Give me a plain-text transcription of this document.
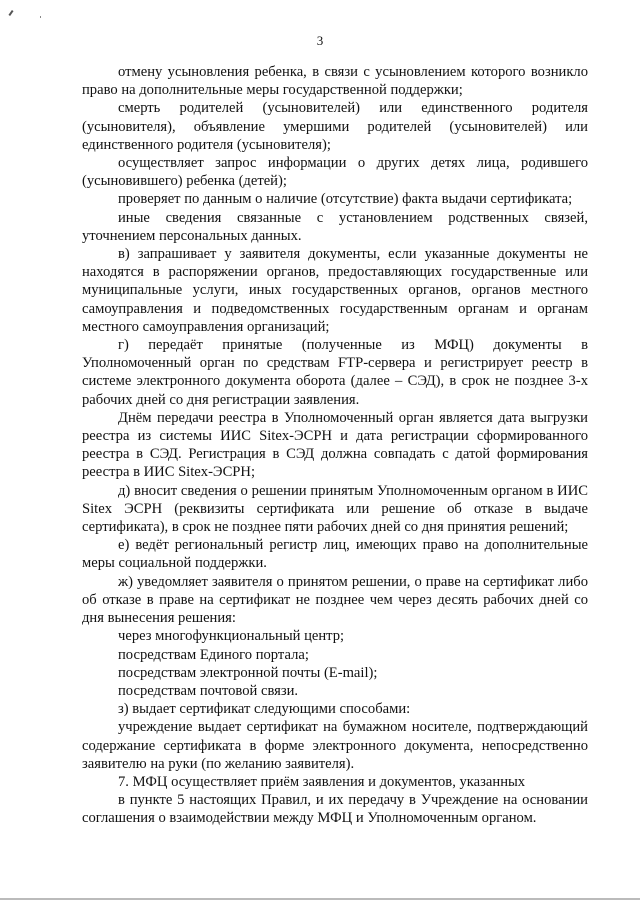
3

отмену усыновления ребенка, в связи с усыновлением которого возникло право на дополнительные меры государственной поддержки;

смерть родителей (усыновителей) или единственного родителя (усыновителя), объявление умершими родителей (усыновителей) или единственного родителя (усыновителя);

осуществляет запрос информации о других детях лица, родившего (усыновившего) ребенка (детей);

проверяет по данным о наличие (отсутствие) факта выдачи сертификата;

иные сведения связанные с установлением родственных связей, уточнением персональных данных.

в) запрашивает у заявителя документы, если указанные документы не находятся в распоряжении органов, предоставляющих государственные или муниципальные услуги, иных государственных органов, органов местного самоуправления и подведомственных государственным органам и органам местного самоуправления организаций;

г) передаёт принятые (полученные из МФЦ) документы в Уполномоченный орган по средствам FTP-сервера и регистрирует реестр в системе электронного документа оборота (далее – СЭД), в срок не позднее 3-х рабочих дней со дня регистрации заявления.

Днём передачи реестра в Уполномоченный орган является дата выгрузки реестра из системы ИИС Sitex-ЭСРН и дата регистрации сформированного реестра в СЭД. Регистрация в СЭД должна совпадать с датой формирования реестра в ИИС Sitex-ЭСРН;

д) вносит сведения о решении принятым Уполномоченным органом в ИИС Sitex ЭСРН (реквизиты сертификата или решение об отказе в выдаче сертификата), в срок не позднее пяти рабочих дней со дня принятия решений;

е) ведёт региональный регистр лиц, имеющих право на дополнительные меры социальной поддержки.

ж) уведомляет заявителя о принятом решении, о праве на сертификат либо об отказе в праве на сертификат не позднее чем через десять рабочих дней со дня вынесения решения:

через многофункциональный центр;

посредствам Единого портала;

посредствам электронной почты (E-mail);

посредствам почтовой связи.

з) выдает сертификат следующими способами:

учреждение выдает сертификат на бумажном носителе, подтверждающий содержание сертификата в форме электронного документа, непосредственно заявителю на руки (по желанию заявителя).

7. МФЦ осуществляет приём заявления и документов, указанных

в пункте 5 настоящих Правил, и их передачу в Учреждение на основании соглашения о взаимодействии между МФЦ и Уполномоченным органом.
